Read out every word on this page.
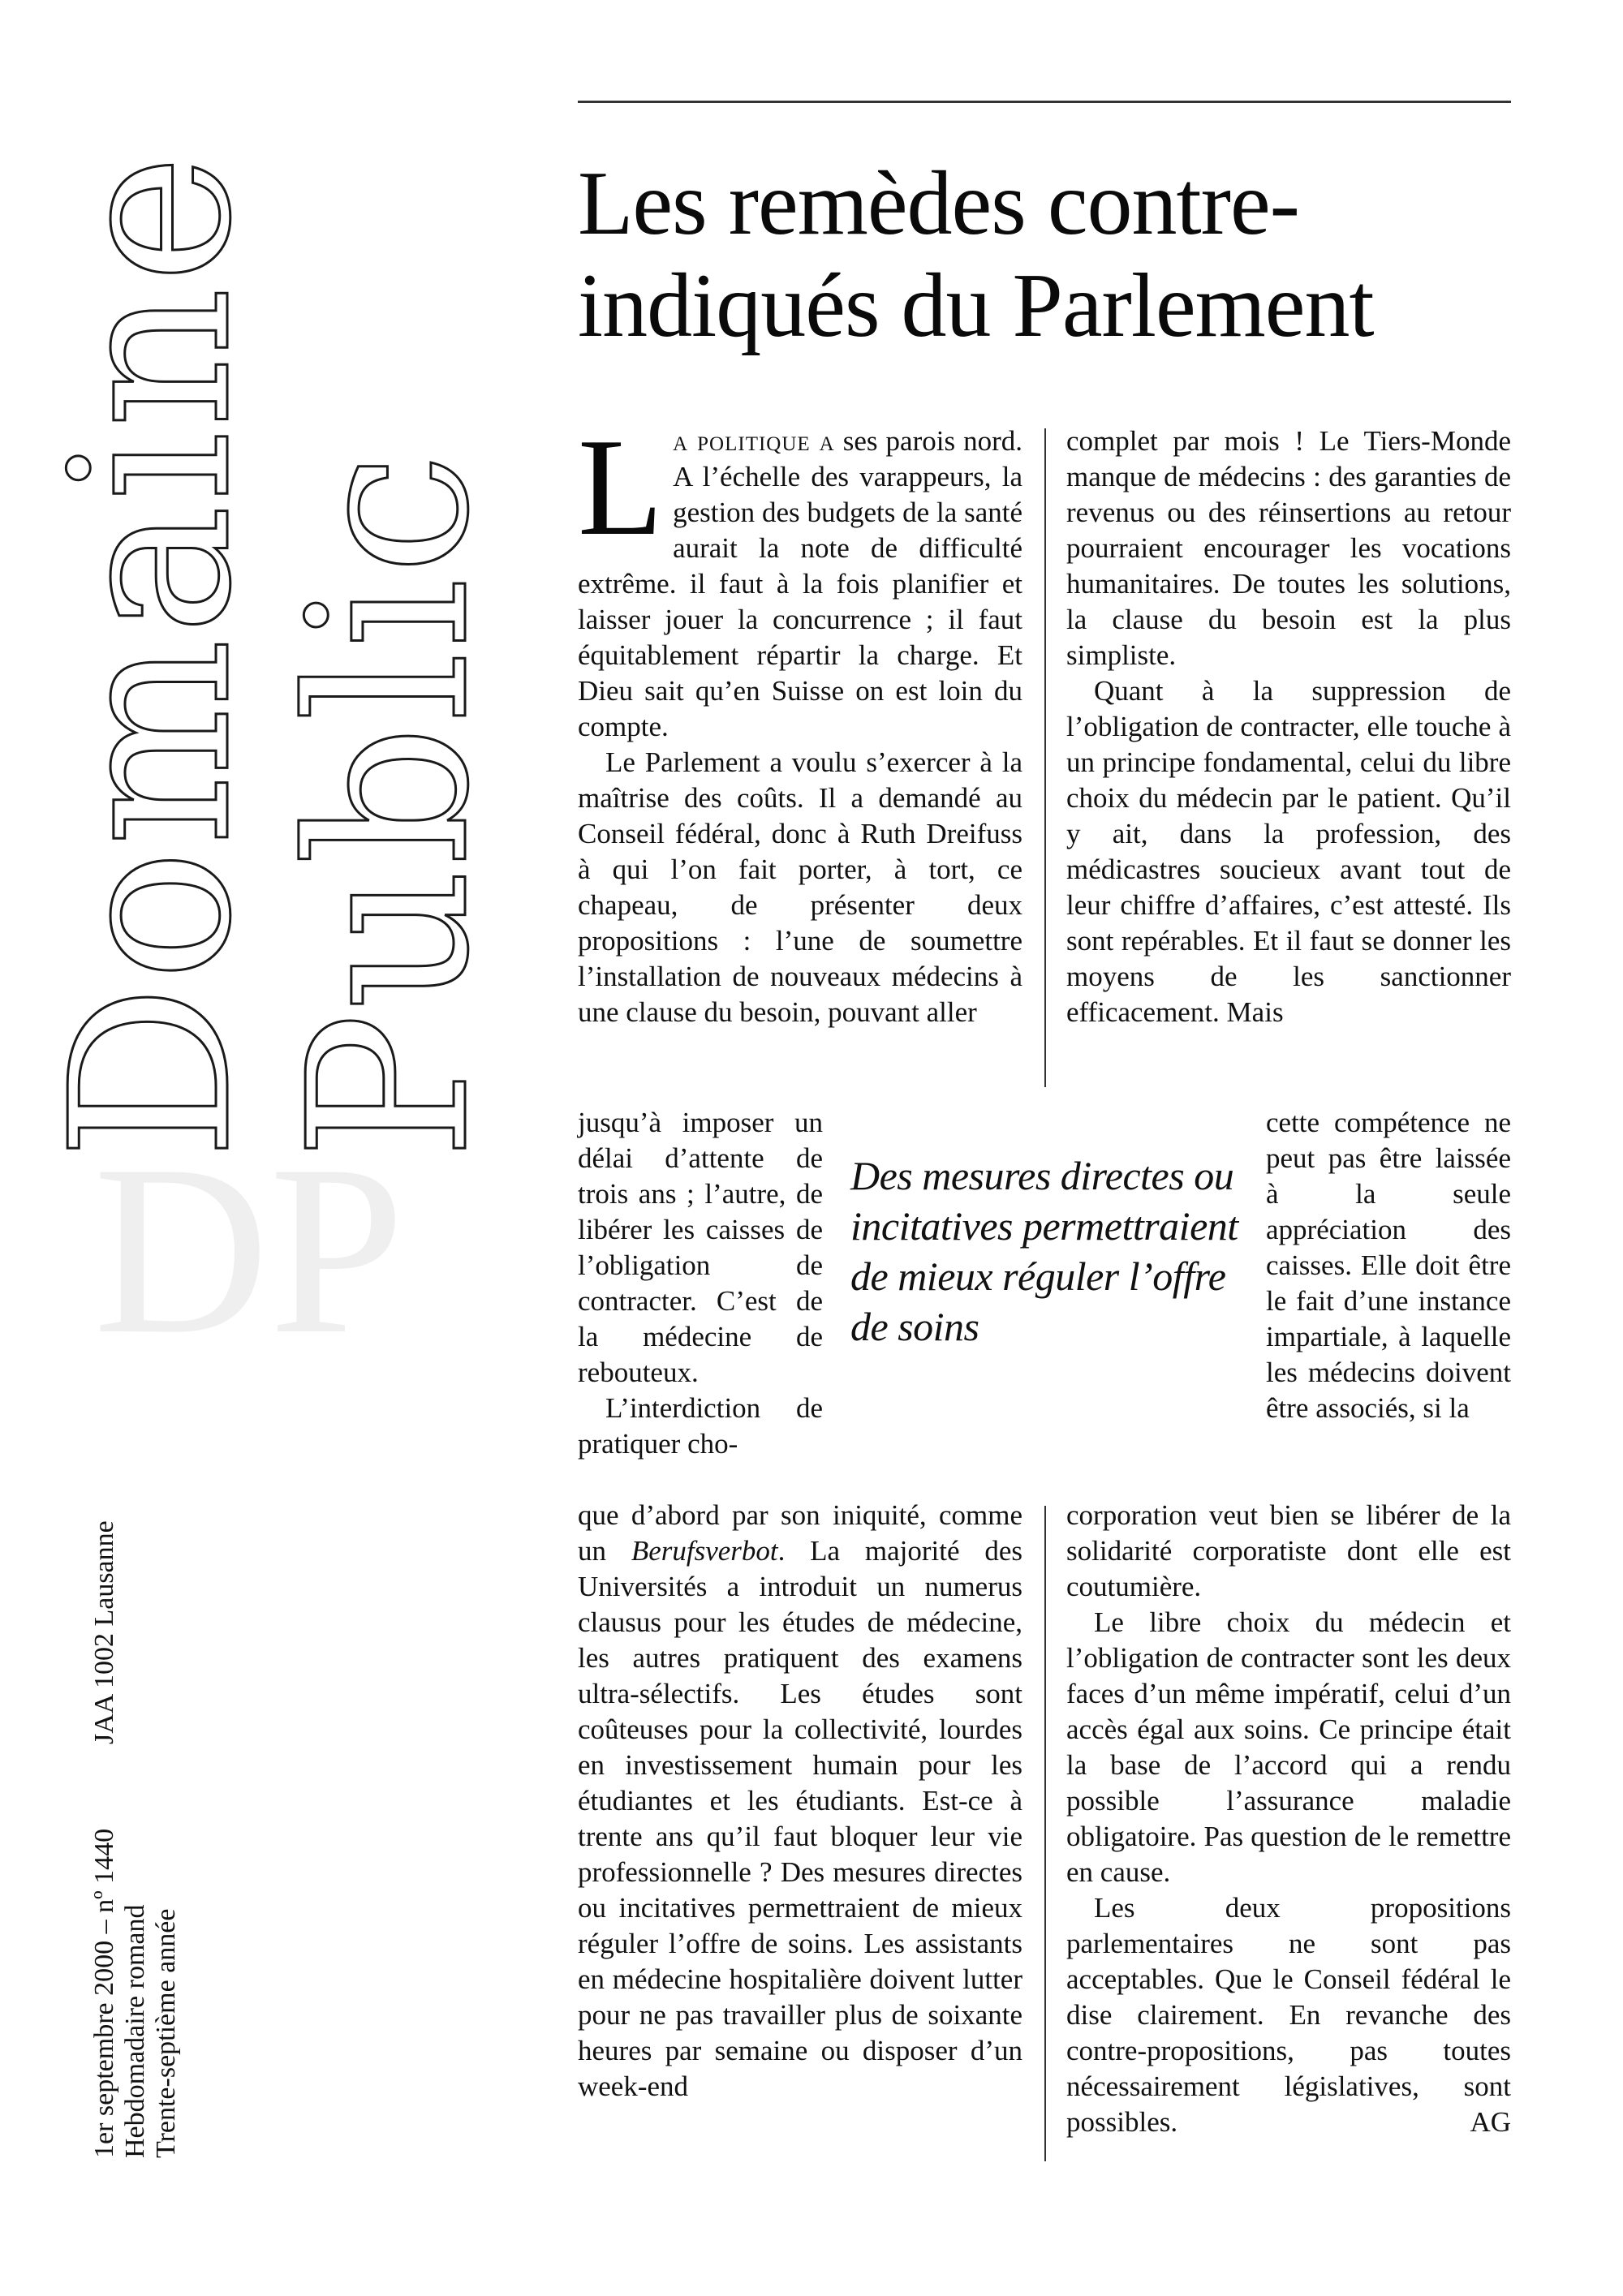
Domaine
Public
DP
JAA 1002 Lausanne
1er septembre 2000 – nº 1440 Hebdomadaire romand Trente-septième année
Les remèdes contre-
indiqués du Parlement

La politique a ses parois nord. A l’échelle des varappeurs, la gestion des budgets de la santé aurait la note de difficulté extrême. il faut à la fois planifier et laisser jouer la concurrence ; il faut équitablement répartir la charge. Et Dieu sait qu’en Suisse on est loin du compte.

Le Parlement a voulu s’exercer à la maîtrise des coûts. Il a demandé au Conseil fédéral, donc à Ruth Dreifuss à qui l’on fait porter, à tort, ce chapeau, de présenter deux propositions : l’une de soumettre l’installation de nouveaux médecins à une clause du besoin, pouvant aller

complet par mois ! Le Tiers-Monde manque de médecins : des garanties de revenus ou des réinsertions au retour pourraient encourager les vocations humanitaires. De toutes les solutions, la clause du besoin est la plus simpliste.

Quant à la suppression de l’obligation de contracter, elle touche à un principe fondamental, celui du libre choix du médecin par le patient. Qu’il y ait, dans la profession, des médicastres soucieux avant tout de leur chiffre d’affaires, c’est attesté. Ils sont repérables. Et il faut se donner les moyens de les sanctionner efficacement. Mais

jusqu’à imposer un délai d’attente de trois ans ; l’autre, de libérer les caisses de l’obligation de contracter. C’est de la médecine de rebouteux.

L’interdiction de pratiquer cho-

Des mesures directes ou incitatives permettraient de mieux réguler l’offre de soins

cette compétence ne peut pas être laissée à la seule appréciation des caisses. Elle doit être le fait d’une instance impartiale, à laquelle les médecins doivent être associés, si la

que d’abord par son iniquité, comme un Berufsverbot. La majorité des Universités a introduit un numerus clausus pour les études de médecine, les autres pratiquent des examens ultra-sélectifs. Les études sont coûteuses pour la collectivité, lourdes en investissement humain pour les étudiantes et les étudiants. Est-ce à trente ans qu’il faut bloquer leur vie professionnelle ? Des mesures directes ou incitatives permettraient de mieux réguler l’offre de soins. Les assistants en médecine hospitalière doivent lutter pour ne pas travailler plus de soixante heures par semaine ou disposer d’un week-end

corporation veut bien se libérer de la solidarité corporatiste dont elle est coutumière.

Le libre choix du médecin et l’obligation de contracter sont les deux faces d’un même impératif, celui d’un accès égal aux soins. Ce principe était la base de l’accord qui a rendu possible l’assurance maladie obligatoire. Pas question de le remettre en cause.

Les deux propositions parlementaires ne sont pas acceptables. Que le Conseil fédéral le dise clairement. En revanche des contre-propositions, pas toutes nécessairement législatives, sont possibles.	AG
